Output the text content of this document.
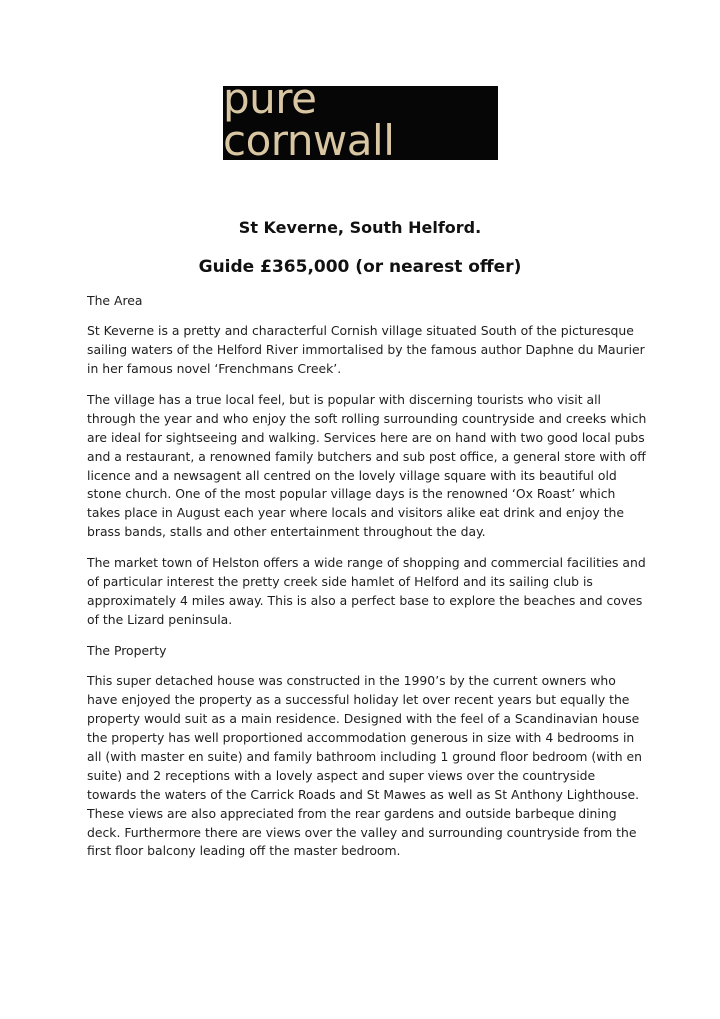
pure cornwall
St Keverne, South Helford.
Guide £365,000 (or nearest offer)

The Area

St Keverne is a pretty and characterful Cornish village situated South of the picturesque sailing waters of the Helford River immortalised by the famous author Daphne du Maurier in her famous novel ‘Frenchmans Creek’.

The village has a true local feel, but is popular with discerning tourists who visit all through the year and who enjoy the soft rolling surrounding countryside and creeks which are ideal for sightseeing and walking. Services here are on hand with two good local pubs and a restaurant, a renowned family butchers and sub post office, a general store with off licence and a newsagent all centred on the lovely village square with its beautiful old stone church. One of the most popular village days is the renowned ‘Ox Roast’ which takes place in August each year where locals and visitors alike eat drink and enjoy the brass bands, stalls and other entertainment throughout the day.

The market town of Helston offers a wide range of shopping and commercial facilities and of particular interest the pretty creek side hamlet of Helford and its sailing club is approximately 4 miles away. This is also a perfect base to explore the beaches and coves of the Lizard peninsula.

The Property

This super detached house was constructed in the 1990’s by the current owners who have enjoyed the property as a successful holiday let over recent years but equally the property would suit as a main residence. Designed with the feel of a Scandinavian house the property has well proportioned accommodation generous in size with 4 bedrooms in all (with master en suite) and family bathroom including 1 ground floor bedroom (with en suite) and 2 receptions with a lovely aspect and super views over the countryside towards the waters of the Carrick Roads and St Mawes as well as St Anthony Lighthouse. These views are also appreciated from the rear gardens and outside barbeque dining deck. Furthermore there are views over the valley and surrounding countryside from the first floor balcony leading off the master bedroom.
